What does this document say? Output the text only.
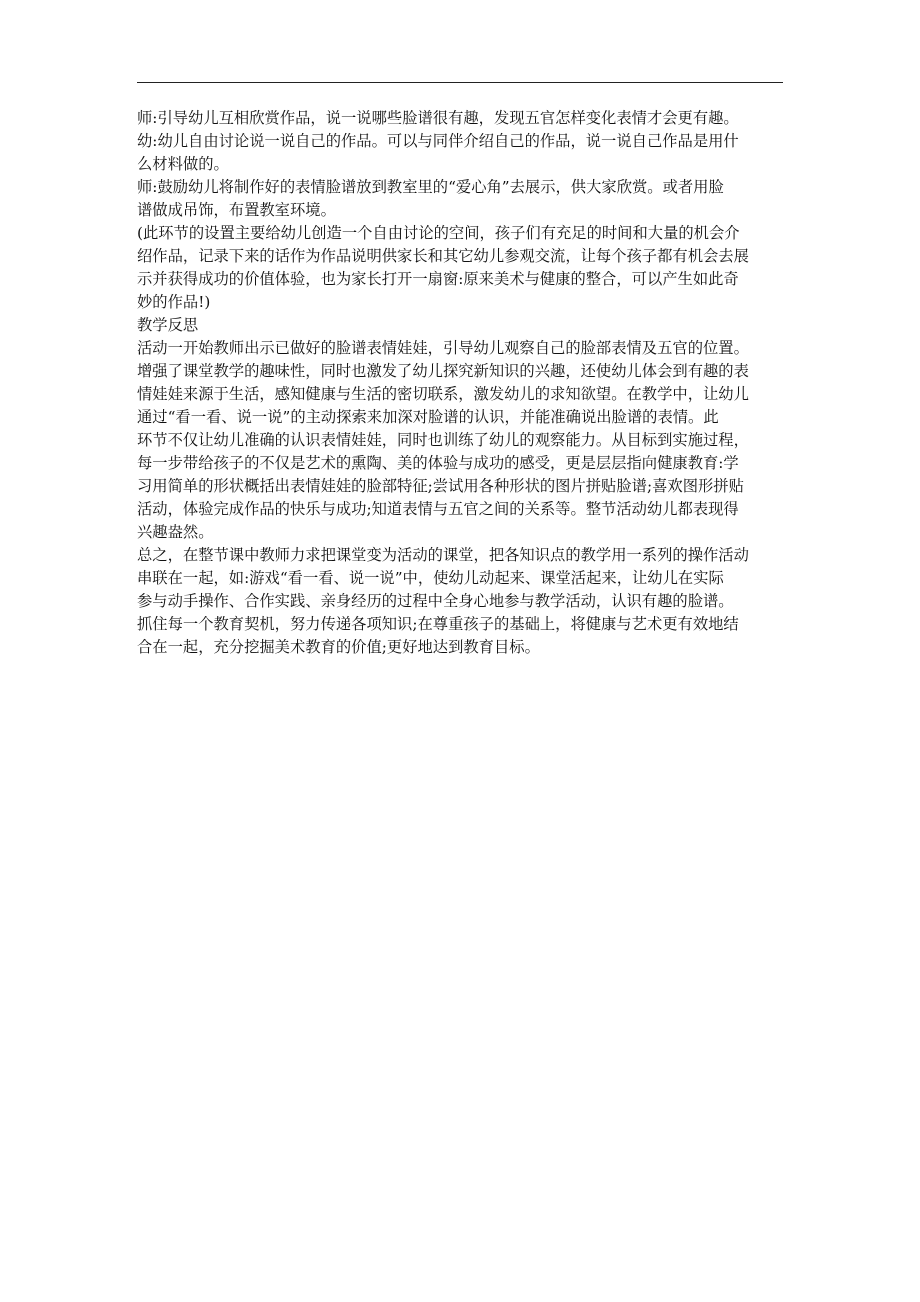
师:引导幼儿互相欣赏作品，说一说哪些脸谱很有趣，发现五官怎样变化表情才会更有趣。

幼:幼儿自由讨论说一说自己的作品。可以与同伴介绍自己的作品，说一说自己作品是用什
么材料做的。

师:鼓励幼儿将制作好的表情脸谱放到教室里的“爱心角”去展示，供大家欣赏。或者用脸
谱做成吊饰，布置教室环境。

(此环节的设置主要给幼儿创造一个自由讨论的空间，孩子们有充足的时间和大量的机会介
绍作品，记录下来的话作为作品说明供家长和其它幼儿参观交流，让每个孩子都有机会去展
示并获得成功的价值体验，也为家长打开一扇窗:原来美术与健康的整合，可以产生如此奇
妙的作品!)

教学反思

活动一开始教师出示已做好的脸谱表情娃娃，引导幼儿观察自己的脸部表情及五官的位置。
增强了课堂教学的趣味性，同时也激发了幼儿探究新知识的兴趣，还使幼儿体会到有趣的表
情娃娃来源于生活，感知健康与生活的密切联系，激发幼儿的求知欲望。在教学中，让幼儿
通过“看一看、说一说”的主动探索来加深对脸谱的认识，并能准确说出脸谱的表情。此
环节不仅让幼儿准确的认识表情娃娃，同时也训练了幼儿的观察能力。从目标到实施过程，
每一步带给孩子的不仅是艺术的熏陶、美的体验与成功的感受，更是层层指向健康教育:学
习用简单的形状概括出表情娃娃的脸部特征;尝试用各种形状的图片拼贴脸谱;喜欢图形拼贴
活动，体验完成作品的快乐与成功;知道表情与五官之间的关系等。整节活动幼儿都表现得
兴趣盎然。

总之，在整节课中教师力求把课堂变为活动的课堂，把各知识点的教学用一系列的操作活动
串联在一起，如:游戏“看一看、说一说”中，使幼儿动起来、课堂活起来，让幼儿在实际
参与动手操作、合作实践、亲身经历的过程中全身心地参与教学活动，认识有趣的脸谱。

抓住每一个教育契机，努力传递各项知识;在尊重孩子的基础上，将健康与艺术更有效地结
合在一起，充分挖掘美术教育的价值;更好地达到教育目标。
